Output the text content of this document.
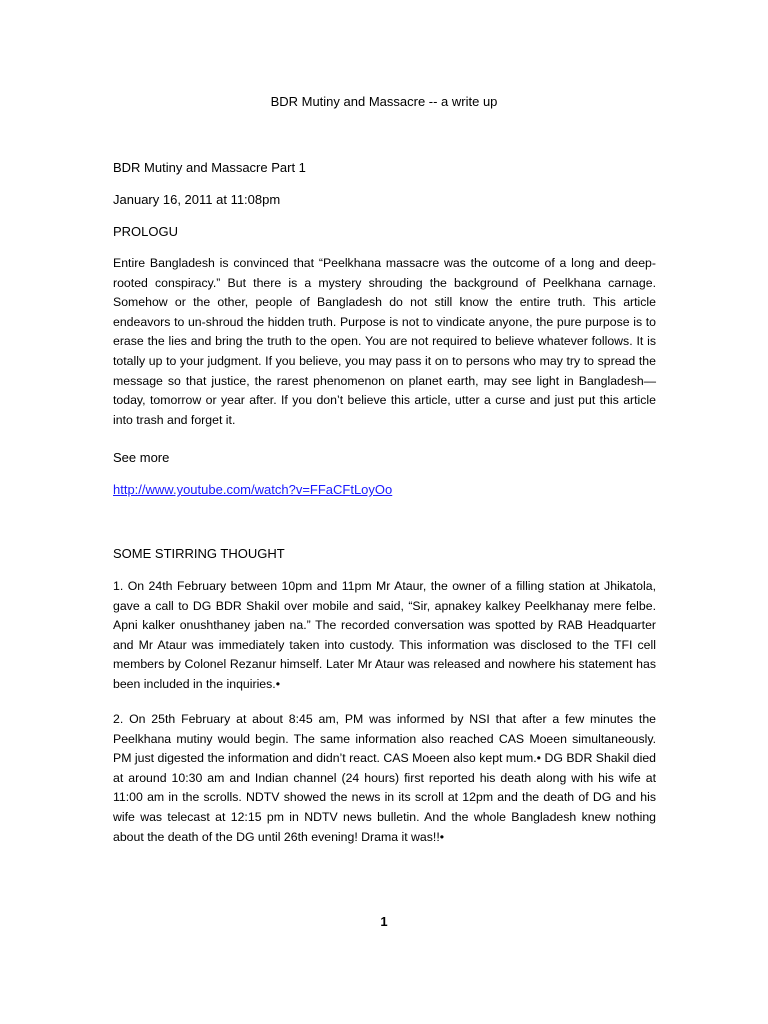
BDR Mutiny and Massacre -- a write up

BDR Mutiny and Massacre Part 1

January 16, 2011 at 11:08pm

PROLOGU

Entire Bangladesh is convinced that “Peelkhana massacre was the outcome of a long and deep-rooted conspiracy.” But there is a mystery shrouding the background of Peelkhana carnage. Somehow or the other, people of Bangladesh do not still know the entire truth. This article endeavors to un-shroud the hidden truth. Purpose is not to vindicate anyone, the pure purpose is to erase the lies and bring the truth to the open. You are not required to believe whatever follows. It is totally up to your judgment. If you believe, you may pass it on to persons who may try to spread the message so that justice, the rarest phenomenon on planet earth, may see light in Bangladesh—today, tomorrow or year after. If you don’t believe this article, utter a curse and just put this article into trash and forget it.

See more

http://www.youtube.com/watch?v=FFaCFtLoyOo

SOME STIRRING THOUGHT

1. On 24th February between 10pm and 11pm Mr Ataur, the owner of a filling station at Jhikatola, gave a call to DG BDR Shakil over mobile and said, “Sir, apnakey kalkey Peelkhanay mere felbe. Apni kalker onushthaney jaben na.” The recorded conversation was spotted by RAB Headquarter and Mr Ataur was immediately taken into custody. This information was disclosed to the TFI cell members by Colonel Rezanur himself. Later Mr Ataur was released and nowhere his statement has been included in the inquiries.•

2. On 25th February at about 8:45 am, PM was informed by NSI that after a few minutes the Peelkhana mutiny would begin. The same information also reached CAS Moeen simultaneously. PM just digested the information and didn’t react. CAS Moeen also kept mum.• DG BDR Shakil died at around 10:30 am and Indian channel (24 hours) first reported his death along with his wife at 11:00 am in the scrolls. NDTV showed the news in its scroll at 12pm and the death of DG and his wife was telecast at 12:15 pm in NDTV news bulletin. And the whole Bangladesh knew nothing about the death of the DG until 26th evening! Drama it was!!•

1
